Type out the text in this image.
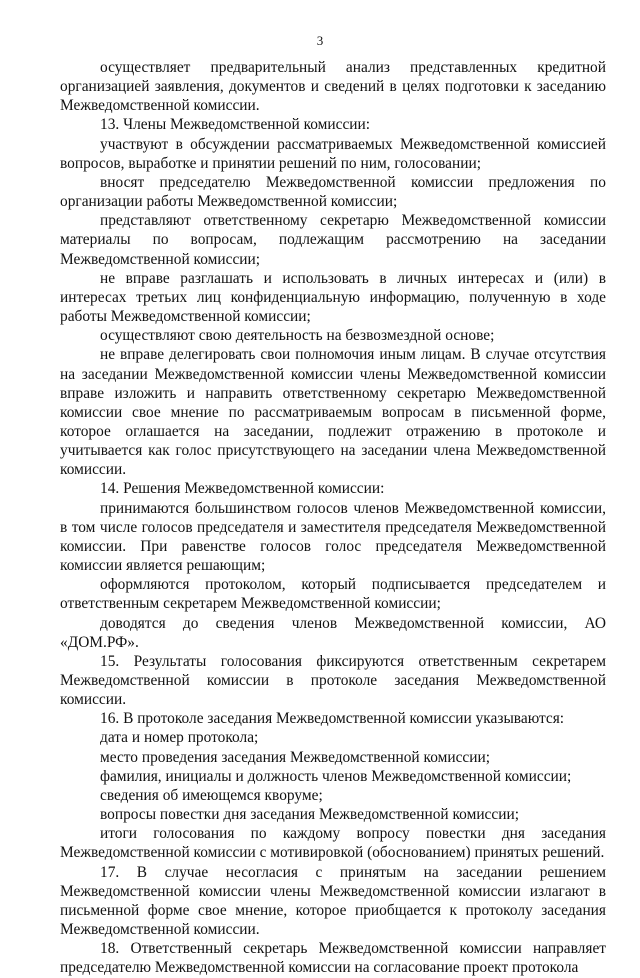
3

осуществляет предварительный анализ представленных кредитной организацией заявления, документов и сведений в целях подготовки к заседанию Межведомственной комиссии.

13. Члены Межведомственной комиссии:

участвуют в обсуждении рассматриваемых Межведомственной комиссией вопросов, выработке и принятии решений по ним, голосовании;

вносят председателю Межведомственной комиссии предложения по организации работы Межведомственной комиссии;

представляют ответственному секретарю Межведомственной комиссии материалы по вопросам, подлежащим рассмотрению на заседании Межведомственной комиссии;

не вправе разглашать и использовать в личных интересах и (или) в интересах третьих лиц конфиденциальную информацию, полученную в ходе работы Межведомственной комиссии;

осуществляют свою деятельность на безвозмездной основе;

не вправе делегировать свои полномочия иным лицам. В случае отсутствия на заседании Межведомственной комиссии члены Межведомственной комиссии вправе изложить и направить ответственному секретарю Межведомственной комиссии свое мнение по рассматриваемым вопросам в письменной форме, которое оглашается на заседании, подлежит отражению в протоколе и учитывается как голос присутствующего на заседании члена Межведомственной комиссии.

14. Решения Межведомственной комиссии:

принимаются большинством голосов членов Межведомственной комиссии, в том числе голосов председателя и заместителя председателя Межведомственной комиссии. При равенстве голосов голос председателя Межведомственной комиссии является решающим;

оформляются протоколом, который подписывается председателем и ответственным секретарем Межведомственной комиссии;

доводятся до сведения членов Межведомственной комиссии, АО «ДОМ.РФ».

15. Результаты голосования фиксируются ответственным секретарем Межведомственной комиссии в протоколе заседания Межведомственной комиссии.

16. В протоколе заседания Межведомственной комиссии указываются:

дата и номер протокола;

место проведения заседания Межведомственной комиссии;

фамилия, инициалы и должность членов Межведомственной комиссии;

сведения об имеющемся кворуме;

вопросы повестки дня заседания Межведомственной комиссии;

итоги голосования по каждому вопросу повестки дня заседания Межведомственной комиссии с мотивировкой (обоснованием) принятых решений.

17. В случае несогласия с принятым на заседании решением Межведомственной комиссии члены Межведомственной комиссии излагают в письменной форме свое мнение, которое приобщается к протоколу заседания Межведомственной комиссии.

18. Ответственный секретарь Межведомственной комиссии направляет председателю Межведомственной комиссии на согласование проект протокола
